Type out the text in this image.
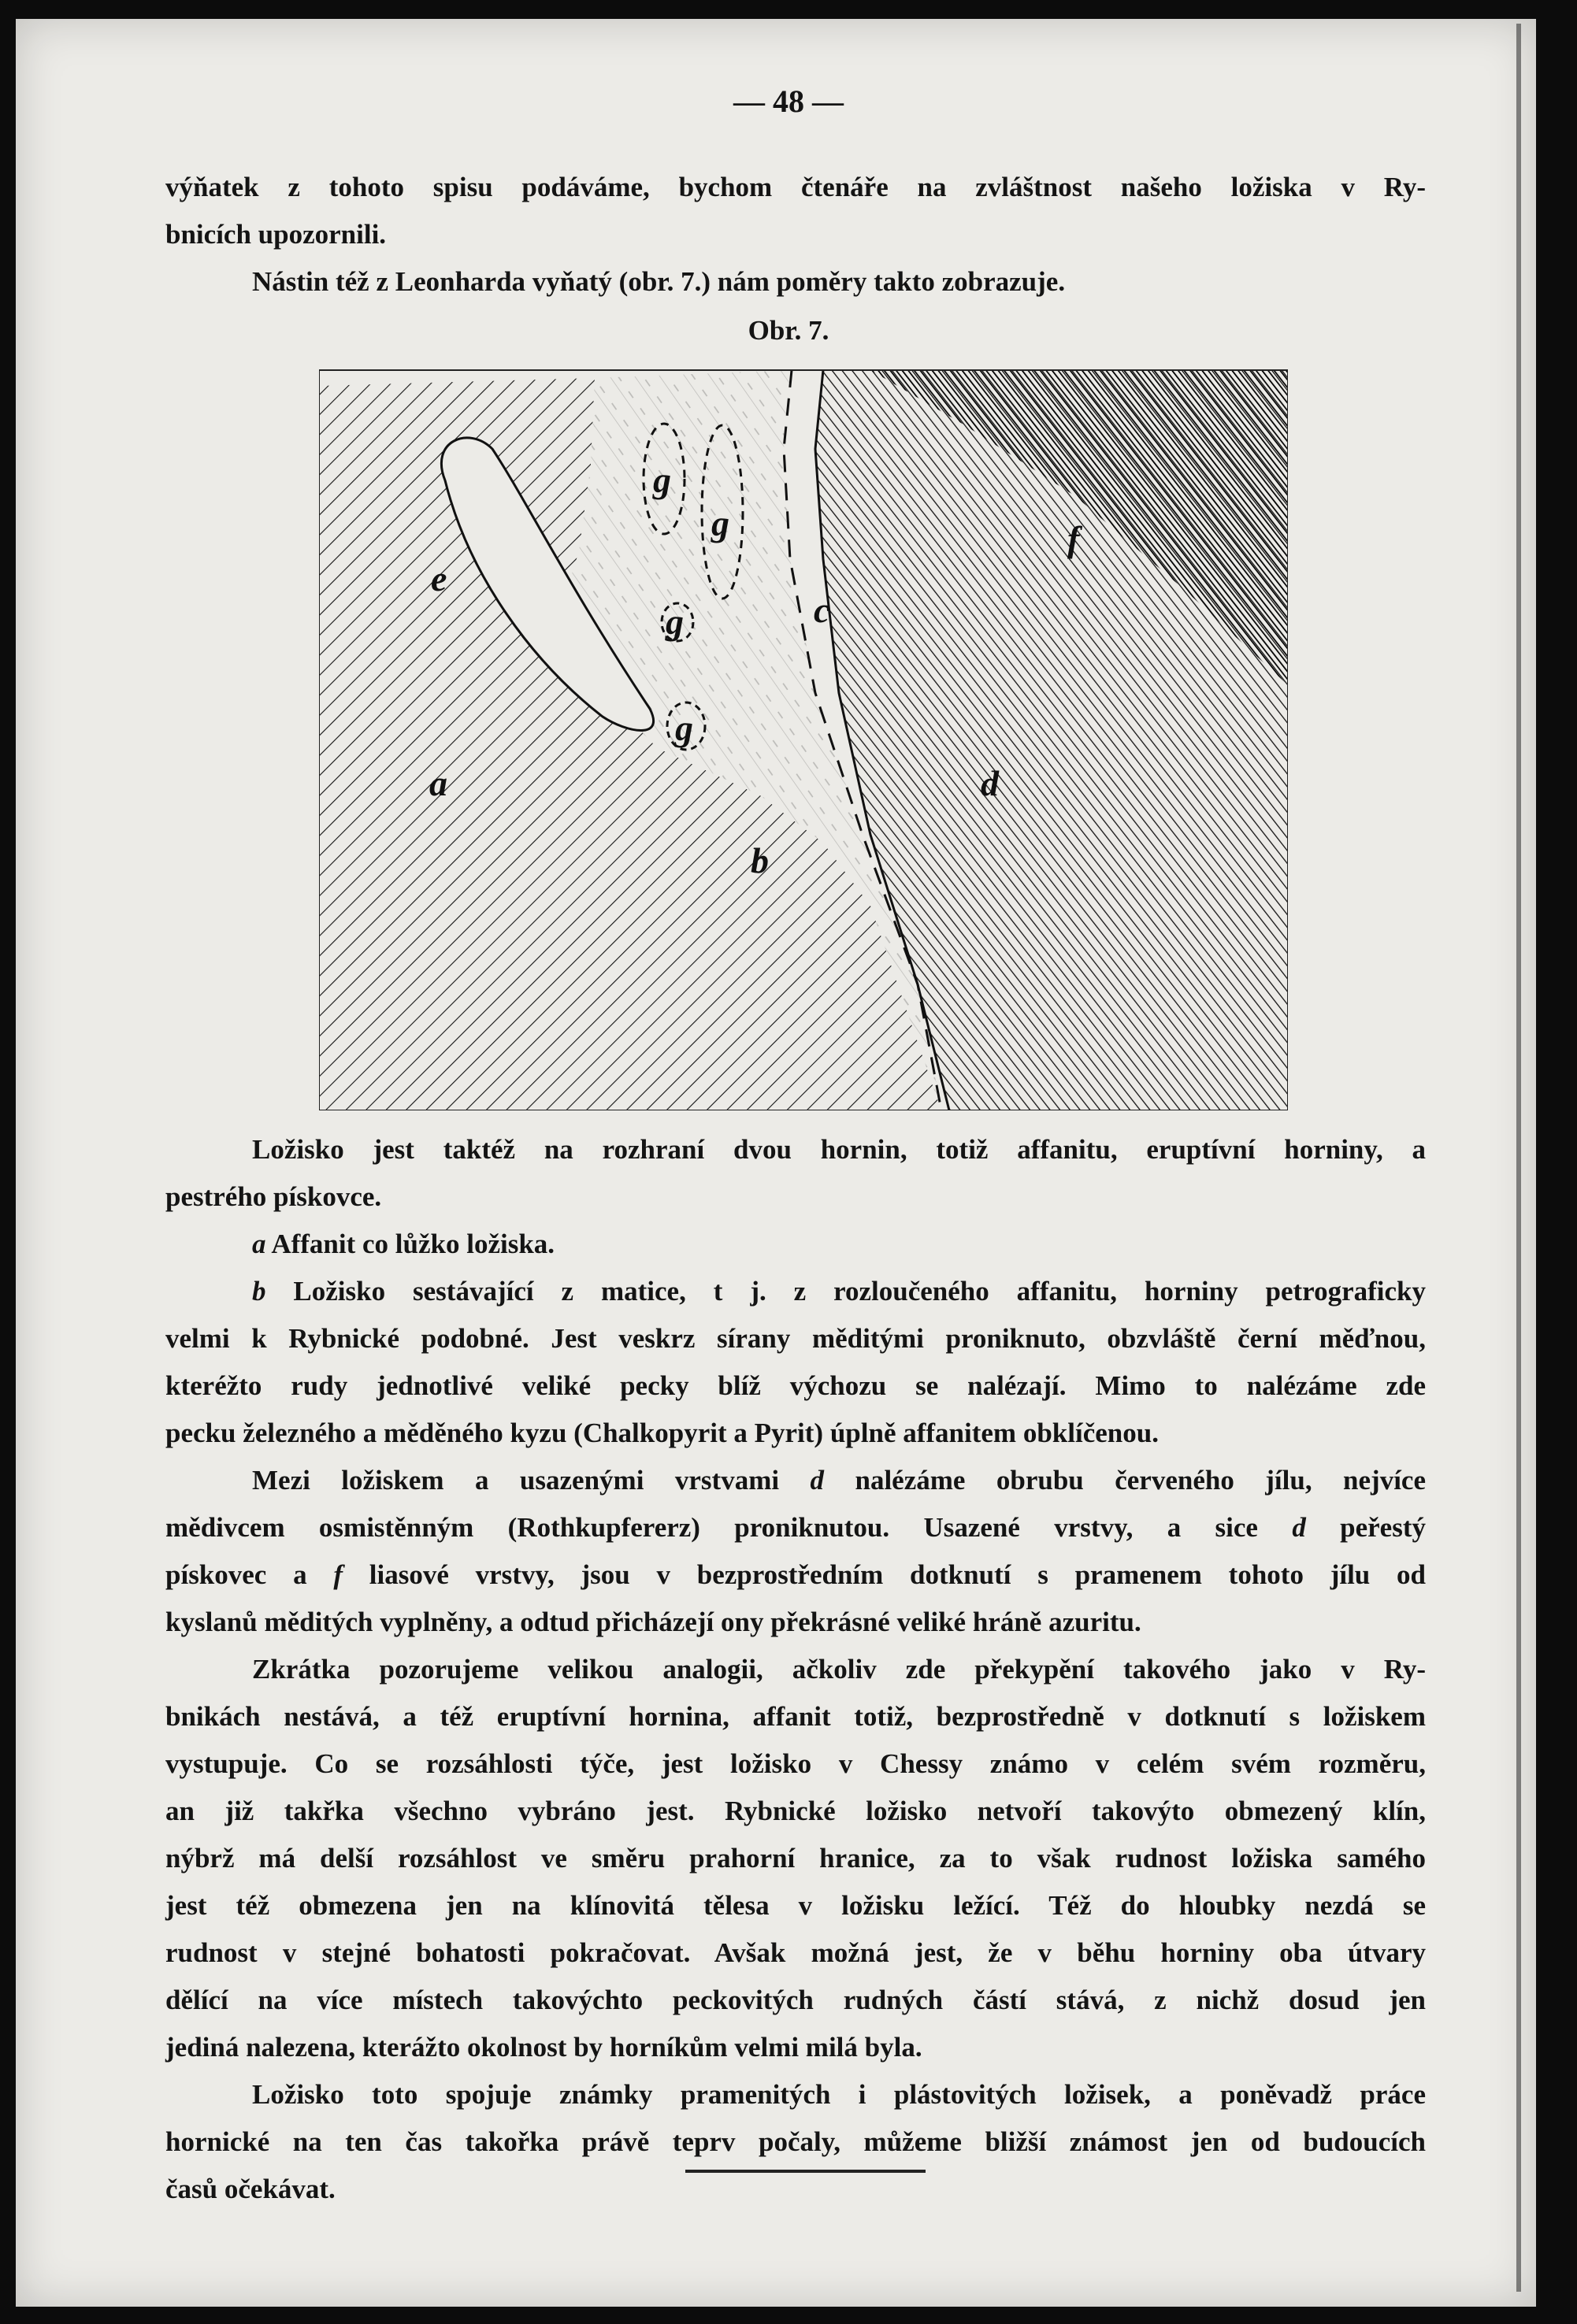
— 48 —
výňatek z tohoto spisu podáváme, bychom čtenáře na zvláštnost našeho ložiska v Ry-
bnicích upozornili.
Nástin též z Leonharda vyňatý (obr. 7.) nám poměry takto zobrazuje.
Obr. 7.
a
b
c
d
e
f
g
g
g
g
Ložisko jest taktéž na rozhraní dvou hornin, totiž affanitu, eruptívní horniny, a
pestrého pískovce.
a Affanit co lůžko ložiska.
b Ložisko sestávající z matice, t j. z rozloučeného affanitu, horniny petrograficky
velmi k Rybnické podobné. Jest veskrz sírany měditými proniknuto, obzvláště černí měďnou,
kteréžto rudy jednotlivé veliké pecky blíž výchozu se nalézají. Mimo to nalézáme zde
pecku železného a měděného kyzu (Chalkopyrit a Pyrit) úplně affanitem obklíčenou.
Mezi ložiskem a usazenými vrstvami d nalézáme obrubu červeného jílu, nejvíce
mědivcem osmistěnným (Rothkupfererz) proniknutou. Usazené vrstvy, a sice d peřestý
pískovec a f liasové vrstvy, jsou v bezprostředním dotknutí s pramenem tohoto jílu od
kyslanů měditých vyplněny, a odtud přicházejí ony překrásné veliké hráně azuritu.
Zkrátka pozorujeme velikou analogii, ačkoliv zde překypění takového jako v Ry-
bnikách nestává, a též eruptívní hornina, affanit totiž, bezprostředně v dotknutí s ložiskem
vystupuje. Co se rozsáhlosti týče, jest ložisko v Chessy známo v celém svém rozměru,
an již takřka všechno vybráno jest. Rybnické ložisko netvoří takovýto obmezený klín,
nýbrž má delší rozsáhlost ve směru prahorní hranice, za to však rudnost ložiska samého
jest též obmezena jen na klínovitá tělesa v ložisku ležící. Též do hloubky nezdá se
rudnost v stejné bohatosti pokračovat. Avšak možná jest, že v běhu horniny oba útvary
dělící na více místech takovýchto peckovitých rudných částí stává, z nichž dosud jen
jediná nalezena, kterážto okolnost by horníkům velmi milá byla.
Ložisko toto spojuje známky pramenitých i plástovitých ložisek, a poněvadž práce
hornické na ten čas takořka právě teprv počaly, můžeme bližší známost jen od budoucích
časů očekávat.
